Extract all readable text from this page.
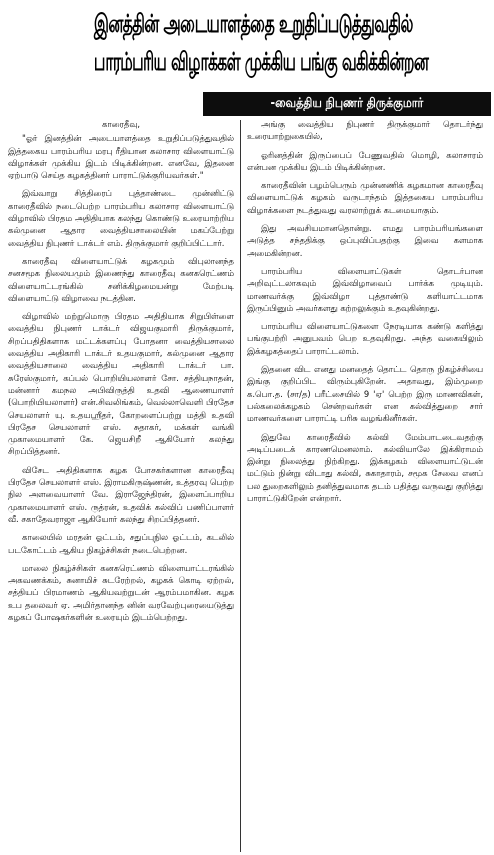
இனத்தின் அடையாளத்தை உறுதிப்படுத்துவதில்
பாரம்பரிய விழாக்கள் முக்கிய பங்கு வகிக்கின்றன
-வைத்திய நிபுணர் திருக்குமார்
காரைதீவு,

"ஓர் இனத்தின் அடையாளத்தை உறுதிப்படுத்துவதில் இத்தகைய பாரம்பரிய மரபு ரீதியான கலாசார விளையாட்டு விழாக்கள் முக்கிய இடம் பிடிக்கின்றன. எனவே, இதனை ஏற்பாடு செய்த கழகத்தினர் பாராட்டுக்குரியவர்கள்."

இவ்வாறு சித்திரைப் புத்தாண்டை முன்னிட்டு காரைதீவில் நடைபெற்ற பாரம்பரிய கலாசார விளையாட்டு விழாவில் பிரதம அதிதியாக கலந்து கொண்டு உரையாற்றிய கல்முனை ஆதார வைத்தியசாலையின் மகப்பேற்று வைத்திய நிபுணர் டாக்டர் எம். திருக்குமார் குறிப்பிட்டார்.

காரைதீவு விளையாட்டுக் கழகமும் விபுலானந்த சனசமூக நிலையமும் இணைந்து காரைதீவு கனகரெட்ணம் விளையாட்டரங்கில் சனிக்கிழமையன்று மேற்படி விளையாட்டு விழாவை நடத்தின.

விழாவில் மற்றுமொரு பிரதம அதிதியாக சிறுபிள்ளை வைத்திய நிபுணர் டாக்டர் விஜயகுமாரி திருக்குமார், சிறப்பதிதிகளாக மட்டக்களப்பு போதனா வைத்தியசாலை வைத்திய அதிகாரி டாக்டர் உதயகுமார், கல்முனை ஆதார வைத்தியசாலை வைத்திய அதிகாரி டாக்டர் பா. சுரேஸ்குமார், கப்பல் பொறியியலாளர் சோ. சத்தியநாதன், மன்னார் கமநல அபிவிருத்தி உதவி ஆணையாளர் (பொறியியலாளர்) என்.சிவலிங்கம், வெல்லாவெளி பிரதேச செயலாளர் யு. உதயஸ்ரீதர், கோறளைப்பற்று மத்தி உதவி பிரதேச செயலாளர் எஸ். சுதாகர், மக்கள் வங்கி முகாமையாளர் கே. ஜெயசிறீ ஆகியோர் கலந்து சிறப்பித்தனர்.

விசேட அதிதிகளாக கழக போசகர்களான காரைதீவு பிரதேச செயலாளர் எஸ். இராமகிருஷ்ணன், உத்தரவு பெற்ற நில அளவையாளர் வே. இராஜேந்திரன், இளைப்பாறிய முகாமையாளர் எஸ். ருத்ரன், உதவிக் கல்விப் பணிப்பாளர் வீ. சகாதேவராஜா ஆகியோர் கலந்து சிறப்பித்தனர்.

காலையில் மரதன் ஓட்டம், சதுப்புநில ஓட்டம், கடலில் படகோட்டம் ஆகிய நிகழ்ச்சிகள் நடைபெற்றன.

மாலை நிகழ்ச்சிகள் கனகரெட்ணம் விளையாட்டரங்கில் அகவணக்கம், சுனாமிச் சுடரேற்றல், கழகக் கொடி ஏற்றல், சத்தியப் பிரமாணம் ஆகியவற்றுடன் ஆரம்பமாகின. கழக உப தலைவர் ஏ. அமிர்தானந்த னின் வரவேற்புரையைடுத்து கழகப் போஷகர்களின் உரையும் இடம்பெற்றது.

அங்கு வைத்திய நிபுணர் திருக்குமார் தொடர்ந்து உரையாற்றுகையில்,

ஓரினத்தின் இருப்பைப் பேணுவதில் மொழி, கலாசாரம் என்பன முக்கிய இடம் பிடிக்கின்றன.

காரைதீவின் பழம்பெரும் முன்னணிக் கழகமான காரைதீவு விளையாட்டுக் கழகம் வருடாந்தம் இத்தகைய பாரம்பரிய விழாக்களை நடத்துவது வரலாற்றுக் கடமையாகும்.

இது அவசியமானதொன்று. எமது பாரம்பரியங்களை அடுத்த சந்ததிக்கு ஒப்புவிப்பதற்கு இவை களமாக அமைகின்றன.

பாரம்பரிய விளையாட்டுகள் தொடர்பான அறிவுட்டலாகவும் இவ்விழாவைப் பார்க்க முடியும். மாணவர்க்கு இவ்விழா புத்தாண்டு களியாட்டமாக இருப்பினும் அவர்களது கற்றலுக்கும் உதவுகின்றது.

பாரம்பரிய விளையாட்டுகளை நேரடியாக கண்டு களித்து பங்குபற்றி அனுபவம் பெற உதவுகிறது. அந்த வகையிலும் இக்கழகத்தைப் பாராட்டலாம்.

இதனை விட எனது மனதைத் தொட்ட தொரு நிகழ்ச்சியை இங்கு குறிப்பிட விரும்புகிறேன். அதாவது, இம்முறை க.பொ.த. (சா/த) பரீட்சையில் 9 'ஏ' பெற்ற இரு மாணவிகள், பல்கலைக்கழகம் சென்றவர்கள் என கல்வித்துறை சார் மாணவர்களை பாராட்டி பரிசு வழங்கினீர்கள்.

இதுவே காரைதீவில் கல்வி மேம்பாடடைவதற்கு அடிப்படைக் காரணமெனலாம். கல்வியாலே இக்கிராமம் இன்று நிலைத்து நிற்கிறது. இக்கழகம் விளையாட்டுடன் மட்டும் நின்று விடாது கல்வி, சுகாதாரம், சமூக சேவை எனப் பல துறைகளிலும் தனித்துவமாக தடம் பதித்து வருவது குறித்து பாராட்டுகிறேன் என்றார்.
